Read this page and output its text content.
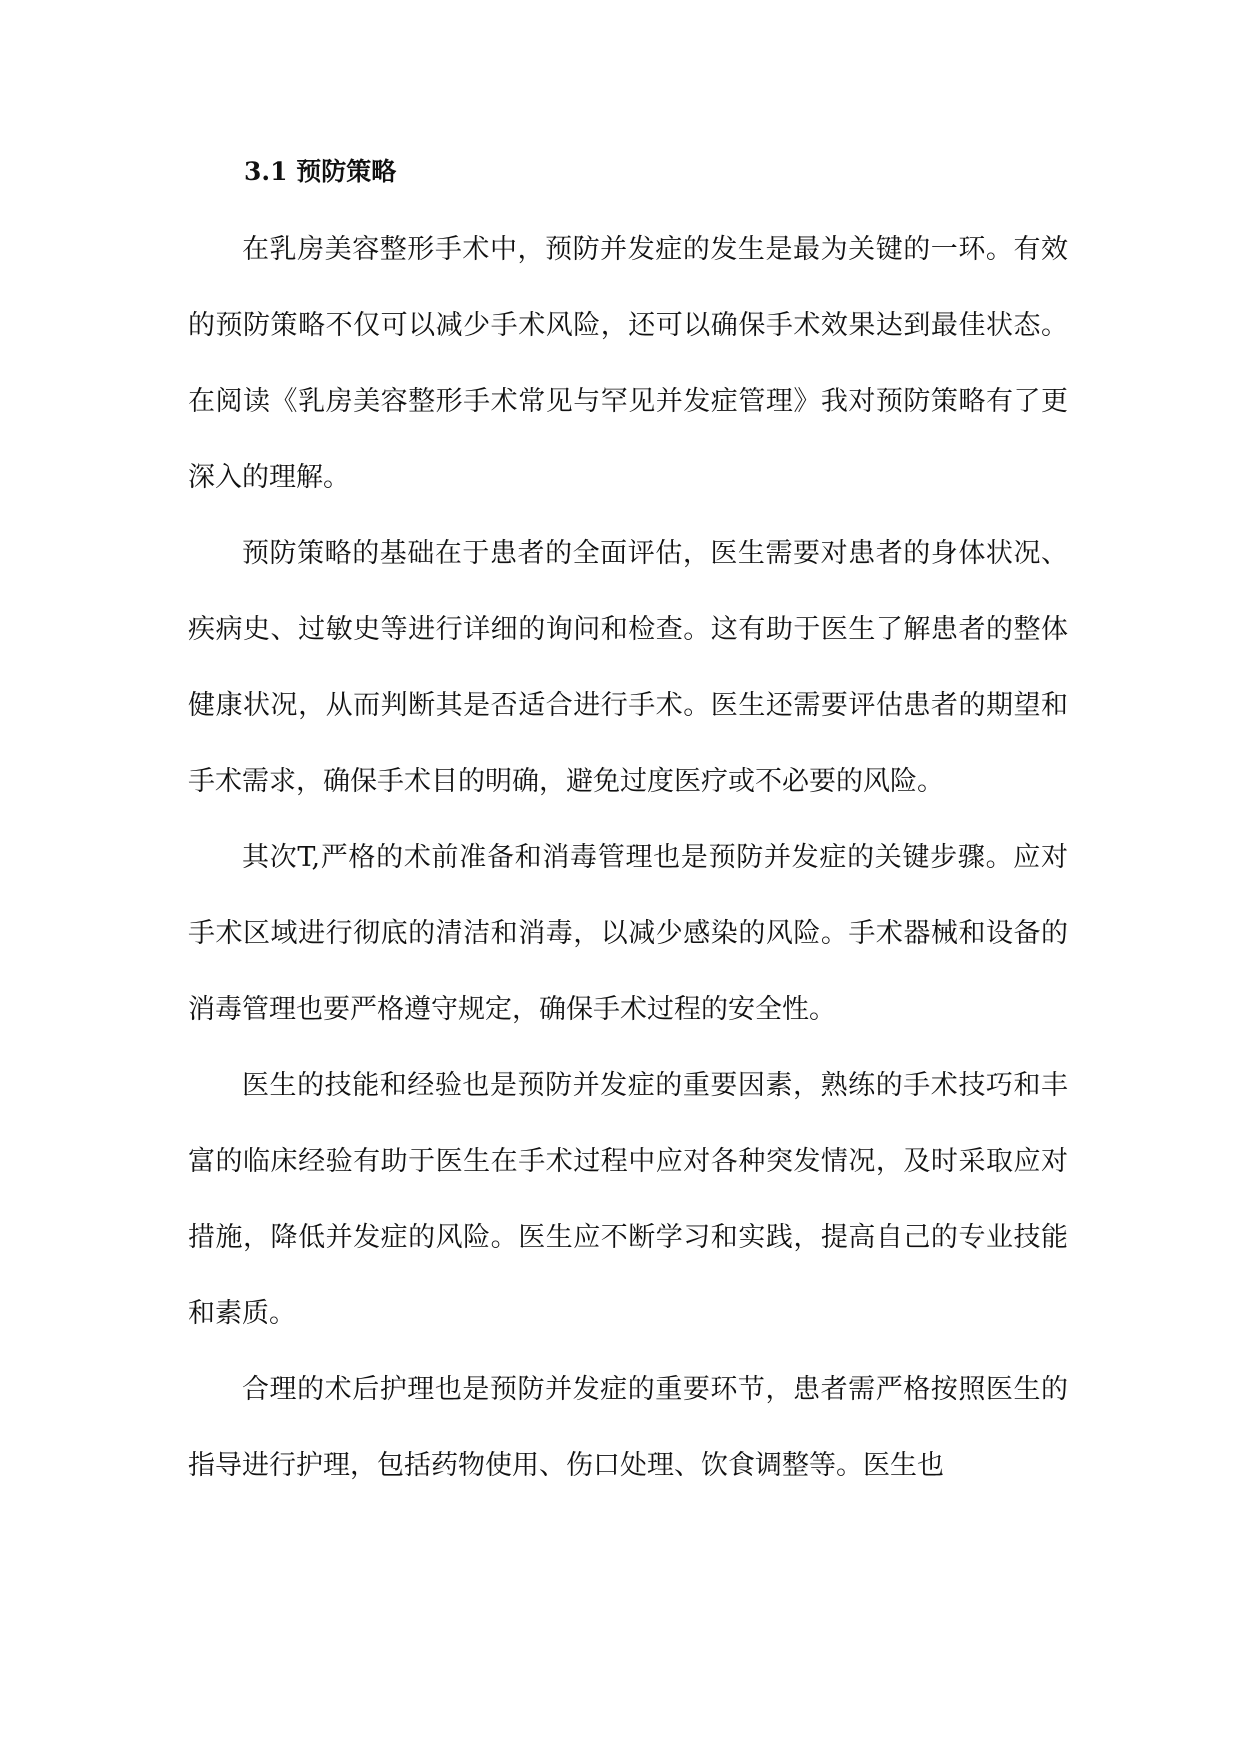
3.1 预防策略

在乳房美容整形手术中，预防并发症的发生是最为关键的一环。有效的预防策略不仅可以减少手术风险，还可以确保手术效果达到最佳状态。在阅读《乳房美容整形手术常见与罕见并发症管理》我对预防策略有了更深入的理解。

预防策略的基础在于患者的全面评估，医生需要对患者的身体状况、疾病史、过敏史等进行详细的询问和检查。这有助于医生了解患者的整体健康状况，从而判断其是否适合进行手术。医生还需要评估患者的期望和手术需求，确保手术目的明确，避免过度医疗或不必要的风险。

其次T,严格的术前准备和消毒管理也是预防并发症的关键步骤。应对手术区域进行彻底的清洁和消毒，以减少感染的风险。手术器械和设备的消毒管理也要严格遵守规定，确保手术过程的安全性。

医生的技能和经验也是预防并发症的重要因素，熟练的手术技巧和丰富的临床经验有助于医生在手术过程中应对各种突发情况，及时采取应对措施，降低并发症的风险。医生应不断学习和实践，提高自己的专业技能和素质。

合理的术后护理也是预防并发症的重要环节，患者需严格按照医生的指导进行护理，包括药物使用、伤口处理、饮食调整等。医生也
